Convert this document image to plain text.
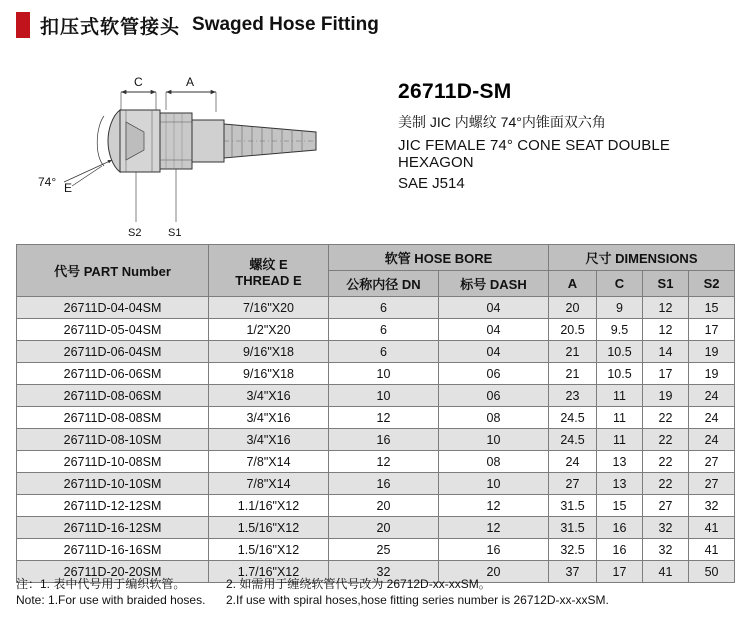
扣压式软管接头 Swaged Hose Fitting
C	A
74° E
S2 S1
26711D-SM
美制 JIC 内螺纹 74°内锥面双六角
JIC FEMALE 74° CONE SEAT DOUBLE HEXAGON
SAE J514
代号 PART Number	螺纹 E
THREAD E	软管 HOSE BORE		尺寸 DIMENSIONS			
		公称内径 DN	标号 DASH	A	C	S1	S2
26711D-04-04SM	7/16"X20	6	04	20	9	12	15
26711D-05-04SM	1/2"X20	6	04	20.5	9.5	12	17
26711D-06-04SM	9/16"X18	6	04	21	10.5	14	19
26711D-06-06SM	9/16"X18	10	06	21	10.5	17	19
26711D-08-06SM	3/4"X16	10	06	23	11	19	24
26711D-08-08SM	3/4"X16	12	08	24.5	11	22	24
26711D-08-10SM	3/4"X16	16	10	24.5	11	22	24
26711D-10-08SM	7/8"X14	12	08	24	13	22	27
26711D-10-10SM	7/8"X14	16	10	27	13	22	27
26711D-12-12SM	1.1/16"X12	20	12	31.5	15	27	32
26711D-16-12SM	1.5/16"X12	20	12	31.5	16	32	41
26711D-16-16SM	1.5/16"X12	25	16	32.5	16	32	41
26711D-20-20SM	1.7/16"X12	32	20	37	17	41	50
注：1. 表中代号用于编织软管。	2. 如需用于缠绕软管代号改为 26712D-xx-xxSM。
Note: 1.For use with braided hoses.	2.If use with spiral hoses,hose fitting series number is 26712D-xx-xxSM.
